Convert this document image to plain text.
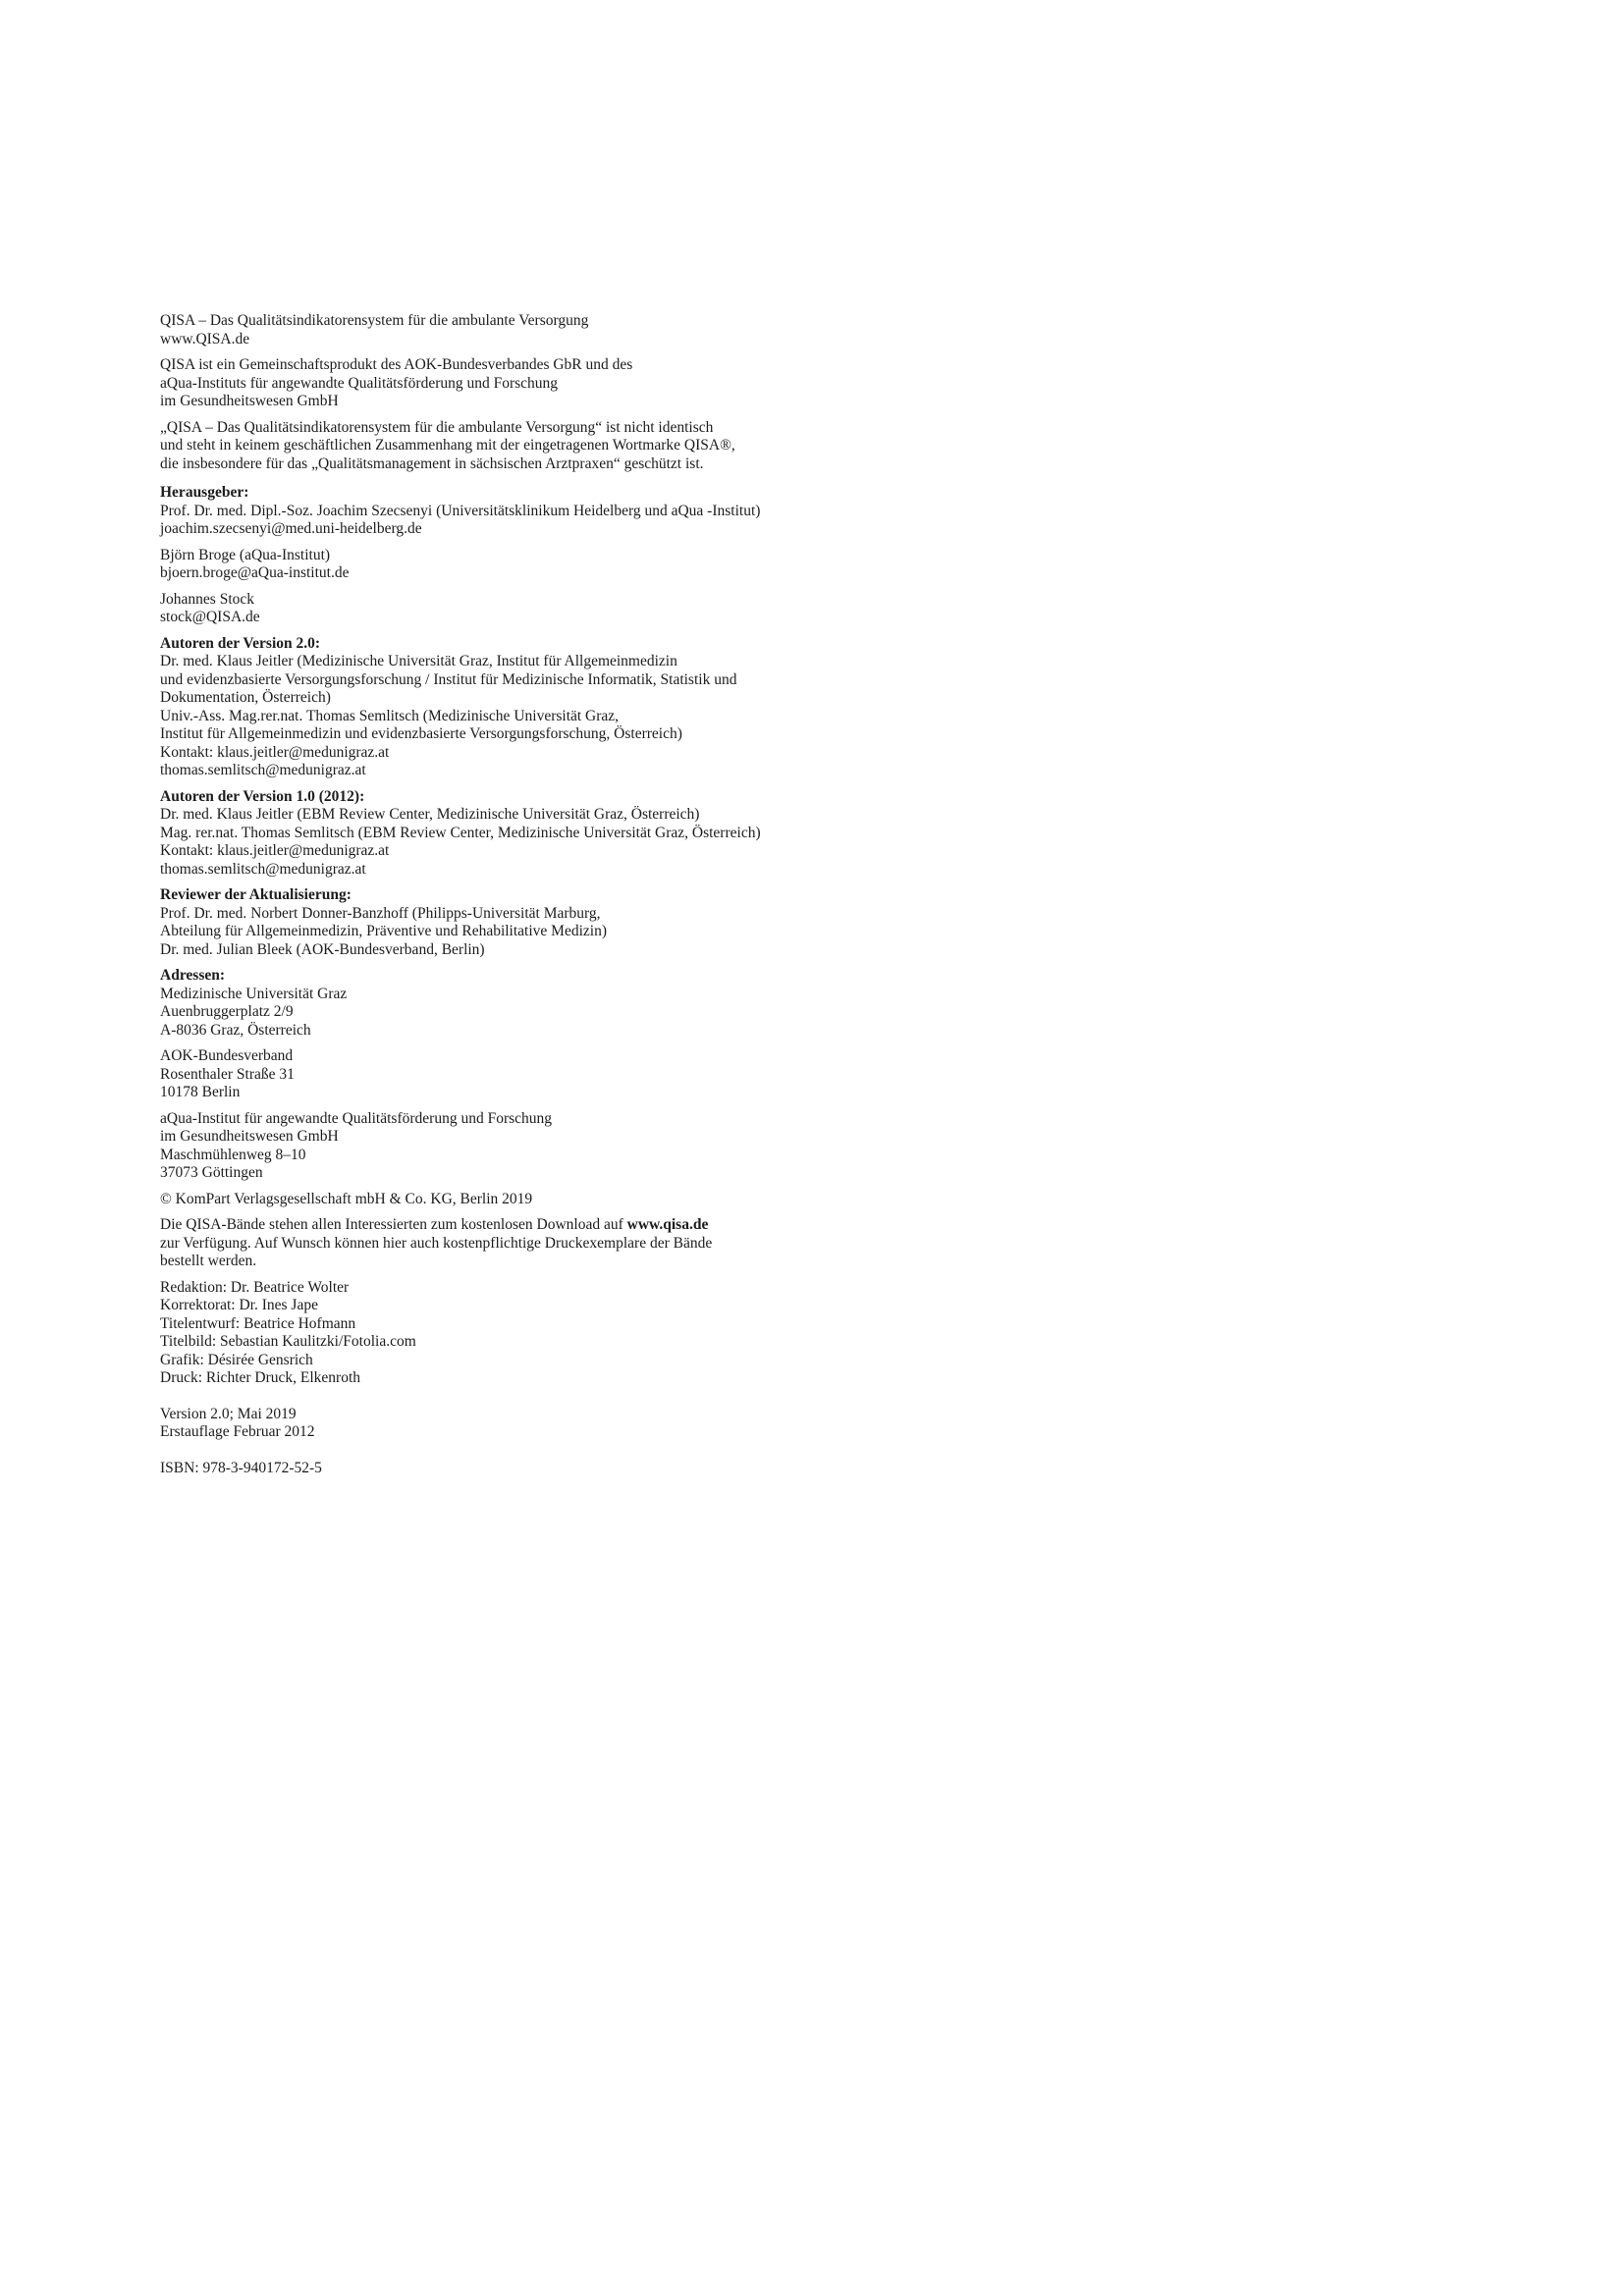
QISA – Das Qualitätsindikatorensystem für die ambulante Versorgung
www.QISA.de
QISA ist ein Gemeinschaftsprodukt des AOK-Bundesverbandes GbR und des
aQua-Instituts für angewandte Qualitätsförderung und Forschung
im Gesundheitswesen GmbH
„QISA – Das Qualitätsindikatorensystem für die ambulante Versorgung“ ist nicht identisch
und steht in keinem geschäftlichen Zusammenhang mit der eingetragenen Wortmarke QISA®,
die insbesondere für das „Qualitätsmanagement in sächsischen Arztpraxen“ geschützt ist.
Herausgeber:
Prof. Dr. med. Dipl.-Soz. Joachim Szecsenyi (Universitätsklinikum Heidelberg und aQua -Institut)
joachim.szecsenyi@med.uni-heidelberg.de
Björn Broge (aQua-Institut)
bjoern.broge@aQua-institut.de
Johannes Stock
stock@QISA.de
Autoren der Version 2.0:
Dr. med. Klaus Jeitler (Medizinische Universität Graz, Institut für Allgemeinmedizin
und evidenzbasierte Versorgungsforschung / Institut für Medizinische Informatik, Statistik und
Dokumentation, Österreich)
Univ.-Ass. Mag.rer.nat. Thomas Semlitsch (Medizinische Universität Graz,
Institut für Allgemeinmedizin und evidenzbasierte Versorgungsforschung, Österreich)
Kontakt: klaus.jeitler@medunigraz.at
thomas.semlitsch@medunigraz.at
Autoren der Version 1.0 (2012):
Dr. med. Klaus Jeitler (EBM Review Center, Medizinische Universität Graz, Österreich)
Mag. rer.nat. Thomas Semlitsch (EBM Review Center, Medizinische Universität Graz, Österreich)
Kontakt: klaus.jeitler@medunigraz.at
thomas.semlitsch@medunigraz.at
Reviewer der Aktualisierung:
Prof. Dr. med. Norbert Donner-Banzhoff (Philipps-Universität Marburg,
Abteilung für Allgemeinmedizin, Präventive und Rehabilitative Medizin)
Dr. med. Julian Bleek (AOK-Bundesverband, Berlin)
Adressen:
Medizinische Universität Graz
Auenbruggerplatz 2/9
A-8036 Graz, Österreich
AOK-Bundesverband
Rosenthaler Straße 31
10178 Berlin
aQua-Institut für angewandte Qualitätsförderung und Forschung
im Gesundheitswesen GmbH
Maschmühlenweg 8–10
37073 Göttingen
© KomPart Verlagsgesellschaft mbH & Co. KG, Berlin 2019
Die QISA-Bände stehen allen Interessierten zum kostenlosen Download auf www.qisa.de
zur Verfügung. Auf Wunsch können hier auch kostenpflichtige Druckexemplare der Bände
bestellt werden.
Redaktion: Dr. Beatrice Wolter
Korrektorat: Dr. Ines Jape
Titelentwurf: Beatrice Hofmann
Titelbild: Sebastian Kaulitzki/Fotolia.com
Grafik: Désirée Gensrich
Druck: Richter Druck, Elkenroth
Version 2.0; Mai 2019
Erstauflage Februar 2012
ISBN: 978-3-940172-52-5
